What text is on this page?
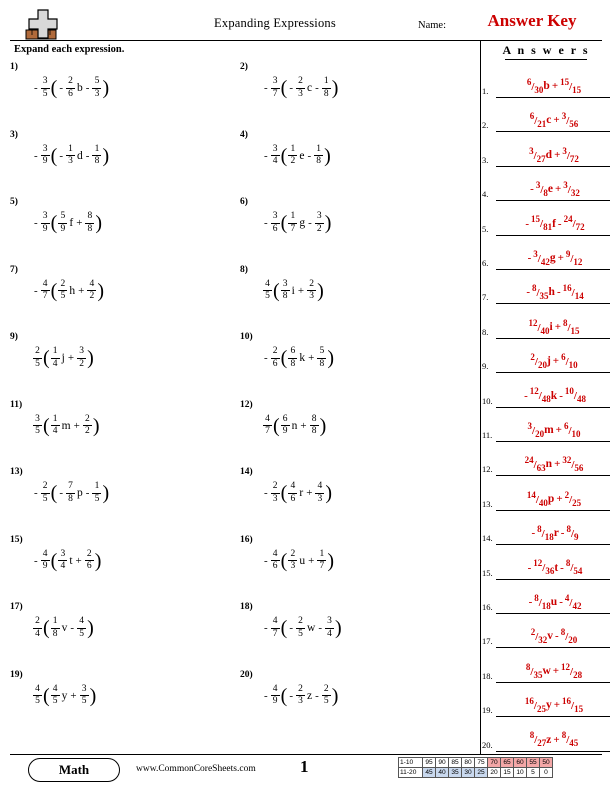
Expanding Expressions	Name:	Answer Key
Expand each expression.
1)
- $\frac{3}{5}$ ( - $\frac{2}{6}$ b - $\frac{5}{3}$ )
2)
- $\frac{3}{7}$ ( - $\frac{2}{3}$ c - $\frac{1}{8}$ )
3)
- $\frac{3}{9}$ ( - $\frac{1}{3}$ d - $\frac{1}{8}$ )
4)
- $\frac{3}{4}$ ( $\frac{1}{2}$ e - $\frac{1}{8}$ )
5)
- $\frac{3}{9}$ ( $\frac{5}{9}$ $f + \frac{8}{8}$ )
6)
- $\frac{3}{6}$ ( $\frac{1}{7}$ g - $\frac{3}{2}$ )
7)
- $\frac{4}{7}$ ( $\frac{2}{5}$ $h + \frac{4}{2}$ )
8)
$\frac{4}{5}$ ( $\frac{3}{8}$ $i + \frac{2}{3}$ )
9)
$\frac{2}{5}$ ( $\frac{1}{4}$ $j + \frac{3}{2}$ )
10)
- $\frac{2}{6}$ ( $\frac{6}{8}$ $k + \frac{5}{8}$ )
11)
$\frac{3}{5}$ ( $\frac{1}{4}$ $m + \frac{2}{2}$ )
12)
$\frac{4}{7}$ ( $\frac{6}{9}$ $n + \frac{8}{8}$ )
13)
- $\frac{2}{5}$ ( - $\frac{7}{8}$ p - $\frac{1}{5}$ )
14)
- $\frac{2}{3}$ ( $\frac{4}{6}$ $r + \frac{4}{3}$ )
15)
- $\frac{4}{9}$ ( $\frac{3}{4}$ $t + \frac{2}{6}$ )
16)
- $\frac{4}{6}$ ( $\frac{2}{3}$ $u + \frac{1}{7}$ )
17)
$\frac{2}{4}$ ( $\frac{1}{8}$ v - $\frac{4}{5}$ )
18)
- $\frac{4}{7}$ ( - $\frac{2}{5}$ w - $\frac{3}{4}$ )
19)
$\frac{4}{5}$ ( $\frac{4}{5}$ $y + \frac{3}{5}$ )
20)
- $\frac{4}{9}$ ( - $\frac{2}{3}$ z - $\frac{2}{5}$ )
A n s w e r s
1.
$^6/_{30}$ $b + ^{15}/_{15}$
2.
$^6/_{21}$ $c + ^3/_{56}$
3.
$^3/_{27}$ $d + ^3/_{72}$
4.	- $^3/_8$ $e + ^3/_{32}$
5.	- $^{15}/_{81}$ f - $^{24}/_{72}$
6.	- $^3/_{42}$ $g + ^9/_{12}$
7.	- $^8/_{35}$ h - $^{16}/_{14}$
8.
$^{12}/_{40}$ $i + ^8/_{15}$
9.
$^2/_{20}$ $j + ^6/_{10}$
10.	- $^{12}/_{48}$ k - $^{10}/_{48}$
11.
$^3/_{20}$ $m + ^6/_{10}$
12.
$^{24}/_{63}$ $n + ^{32}/_{56}$
13.
$^{14}/_{40}$ $p + ^2/_{25}$
14.	- $^8/_{18}$ r - $^8/_9$
15.	- $^{12}/_{36}$ t - $^8/_{54}$
16.	- $^8/_{18}$ u - $^4/_{42}$
17.
$^2/_{32}$ v - $^8/_{20}$
18.
$^8/_{35}$ $w + ^{12}/_{28}$
19.
$^{16}/_{25}$ $y + ^{16}/_{15}$
20.
$^8/_{27}$ $z + ^8/_{45}$
Math	www.CommonCoreSheets.com	1	1-10	95	90	85	80	75	70	65	60	55	50
11-20	45	40	35	30	25	20	15	10	5	0
